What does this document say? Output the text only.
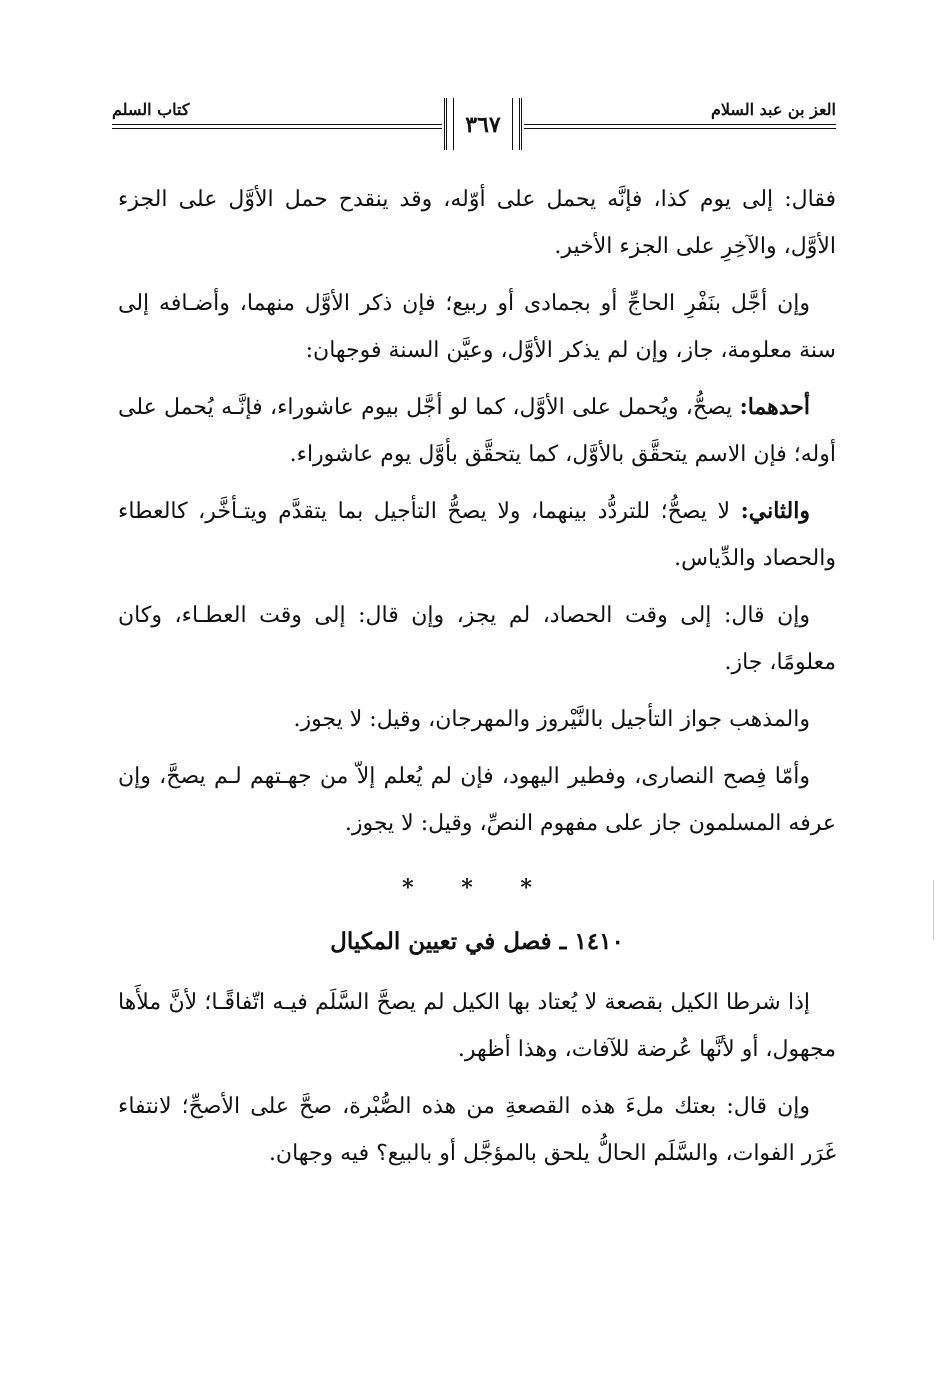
كتاب السلم
٣٦٧
العز بن عبد السلام

فقال: إلى يوم كذا، فإنَّه يحمل على أوّله، وقد ينقدح حمل الأوَّل على الجزء الأوَّل، والآخِرِ على الجزء الأخير.

وإن أجَّل بنَفْرِ الحاجِّ أو بجمادى أو ربيع؛ فإن ذكر الأوَّل منهما، وأضـافه إلى سنة معلومة، جاز، وإن لم يذكر الأوَّل، وعيَّن السنة فوجهان:

أحدهما: يصحُّ، ويُحمل على الأوَّل، كما لو أجَّل بيوم عاشوراء، فإنَّـه يُحمل على أوله؛ فإن الاسم يتحقَّق بالأوَّل، كما يتحقَّق بأوَّل يوم عاشوراء.

والثاني: لا يصحُّ؛ للتردُّد بينهما، ولا يصحُّ التأجيل بما يتقدَّم ويتـأخَّر، كالعطاء والحصاد والدِّياس.

وإن قال: إلى وقت الحصاد، لم يجز، وإن قال: إلى وقت العطـاء، وكان معلومًا، جاز.

والمذهب جواز التأجيل بالنَّيْروز والمهرجان، وقيل: لا يجوز.

وأمّا فِصح النصارى، وفطير اليهود، فإن لم يُعلم إلاّ من جهـتهم لـم يصحَّ، وإن عرفه المسلمون جاز على مفهوم النصِّ، وقيل: لا يجوز.

* * *
١٤١٠ ـ فصل في تعيين المكيال

إذا شرطا الكيل بقصعة لا يُعتاد بها الكيل لم يصحَّ السَّلَم فيـه اتّفاقًـا؛ لأنَّ ملأَها مجهول، أو لأنَّها عُرضة للآفات، وهذا أظهر.

وإن قال: بعتك ملءَ هذه القصعةِ من هذه الصُّبْرة، صحَّ على الأصحِّ؛ لانتفاء غَرَر الفوات، والسَّلَم الحالُّ يلحق بالمؤجَّل أو بالبيع؟ فيه وجهان.
